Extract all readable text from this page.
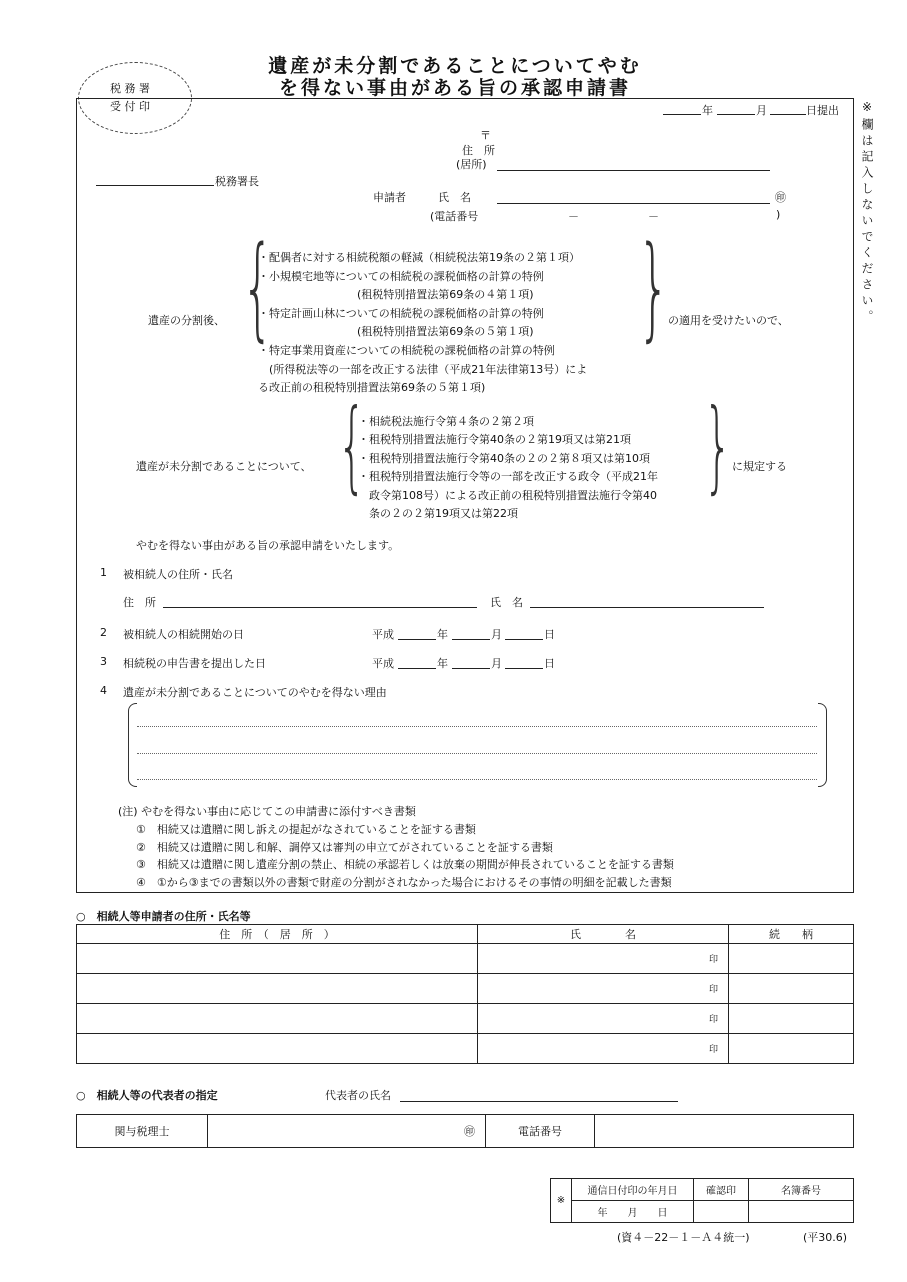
税 務 署
受 付 印
遺産が未分割であることについてやむ
を得ない事由がある旨の承認申請書
※欄は記入しないでください。
年	月	日提出
〒
住　所
(居所)
税務署長
申請者	氏　名	㊞
(電話番号	－	－	)
遺産の分割後、 {
・配偶者に対する相続税額の軽減（相続税法第19条の２第１項）
・小規模宅地等についての相続税の課税価格の計算の特例
　　　　　　　　　(租税特別措置法第69条の４第１項)
・特定計画山林についての相続税の課税価格の計算の特例
　　　　　　　　　(租税特別措置法第69条の５第１項)
・特定事業用資産についての相続税の課税価格の計算の特例
　(所得税法等の一部を改正する法律（平成21年法律第13号）によ
る改正前の租税特別措置法第69条の５第１項)
}
の適用を受けたいので、
遺産が未分割であることについて、 {
・相続税法施行令第４条の２第２項
・租税特別措置法施行令第40条の２第19項又は第21項
・租税特別措置法施行令第40条の２の２第８項又は第10項
・租税特別措置法施行令等の一部を改正する政令（平成21年
　政令第108号）による改正前の租税特別措置法施行令第40
　条の２の２第19項又は第22項
} に規定する
やむを得ない事由がある旨の承認申請をいたします。
1 被相続人の住所・氏名
住　所	氏　名
2 被相続人の相続開始の日	平成	年	月	日
3 相続税の申告書を提出した日	平成	年	月	日
4 遺産が未分割であることについてのやむを得ない理由
(注) やむを得ない事由に応じてこの申請書に添付すべき書類
①　相続又は遺贈に関し訴えの提起がなされていることを証する書類
②　相続又は遺贈に関し和解、調停又は審判の申立てがされていることを証する書類
③　相続又は遺贈に関し遺産分割の禁止、相続の承認若しくは放棄の期間が伸長されていることを証する書類
④　①から③までの書類以外の書類で財産の分割がされなかった場合におけるその事情の明細を記載した書類
○　相続人等申請者の住所・氏名等
住　所　（　居　所　）	氏　　　　名	続　　柄
	印	
	印	
	印	
	印	
○　相続人等の代表者の指定	代表者の氏名
関与税理士	㊞	電話番号	
※	通信日付印の年月日	確認印	名簿番号
	年　　月　　日		
(資４－22－１－Ａ４統一)	(平30.6)
